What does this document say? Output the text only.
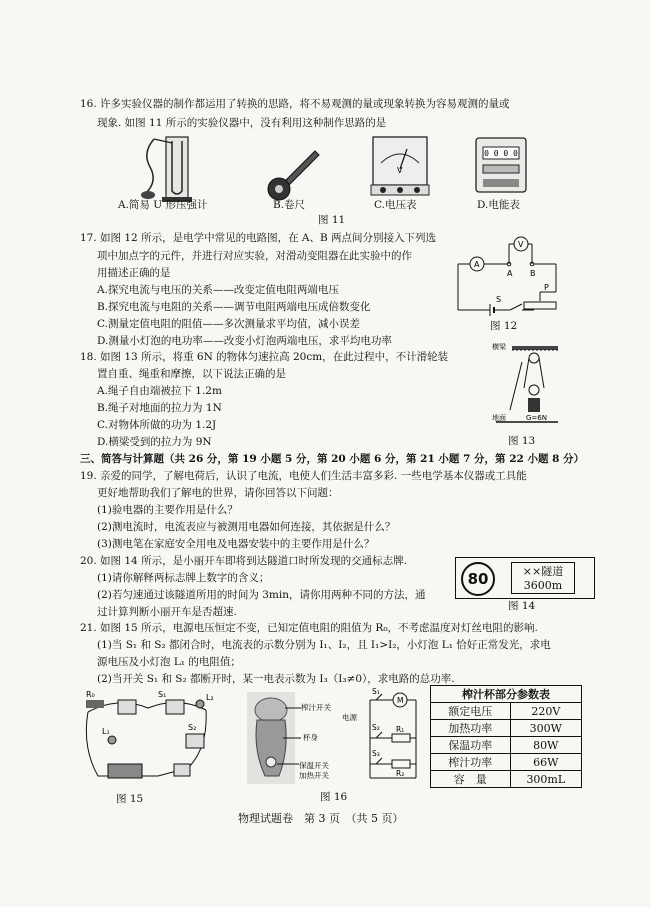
16. 许多实验仪器的制作都运用了转换的思路，将不易观测的量或现象转换为容易观测的量或
现象. 如图 11 所示的实验仪器中，没有利用这种制作思路的是
V
0 0 0 0
A.简易 U 形压强计	B.卷尺	C.电压表	D.电能表
图 11
17. 如图 12 所示，是电学中常见的电路图，在 A、B 两点间分别接入下列选
项中加点字的元件，并进行对应实验，对滑动变阻器在此实验中的作
用描述正确的是
A.探究电流与电压的关系——改变定值电阻两端电压
B.探究电流与电阻的关系——调节电阻两端电压成倍数变化
C.测量定值电阻的阻值——多次测量求平均值，减小误差
D.测量小灯泡的电功率——改变小灯泡两端电压，求平均电功率
A
V
A B
S
P
图 12
18. 如图 13 所示，将重 6N 的物体匀速拉高 20cm，在此过程中，不计滑轮装
置自重、绳重和摩擦，以下说法正确的是
A.绳子自由端被拉下 1.2m
B.绳子对地面的拉力为 1N
C.对物体所做的功为 1.2J
D.横梁受到的拉力为 9N
横梁
地面	G=6N
图 13
三、简答与计算题（共 26 分，第 19 小题 5 分，第 20 小题 6 分，第 21 小题 7 分，第 22 小题 8 分）
19. 亲爱的同学，了解电荷后，认识了电流，电使人们生活丰富多彩. 一些电学基本仪器或工具能
更好地帮助我们了解电的世界，请你回答以下问题：
(1)验电器的主要作用是什么？
(2)测电流时，电流表应与被测用电器如何连接，其依据是什么？
(3)测电笔在家庭安全用电及电器安装中的主要作用是什么？
20. 如图 14 所示，是小丽开车即将到达隧道口时所发现的交通标志牌.
(1)请你解释两标志牌上数字的含义；
(2)若匀速通过该隧道所用的时间为 3min，请你用两种不同的方法，通
过计算判断小丽开车是否超速.
80	××隧道
3600m
图 14
21. 如图 15 所示，电源电压恒定不变，已知定值电阻的阻值为 R₀，不考虑温度对灯丝电阻的影响.
(1)当 S₁ 和 S₂ 都闭合时，电流表的示数分别为 I₁、I₂，且 I₁>I₂，小灯泡 L₁ 恰好正常发光，求电
源电压及小灯泡 L₁ 的电阻值；
(2)当开关 S₁ 和 S₂ 都断开时，某一电表示数为 I₃（I₃≠0），求电路的总功率.
R₀	S₁	L₂
L₁	S₂
图 15
榨汁开关
杯身
保温开关
加热开关
M
S₁
S₂ R₁
S₃
R₂
电源
图 16
榨汁杯部分参数表	
额定电压	220V
加热功率	300W
保温功率	80W
榨汁功率	66W
容　量	300mL
物理试题卷　第 3 页　（共 5 页）
